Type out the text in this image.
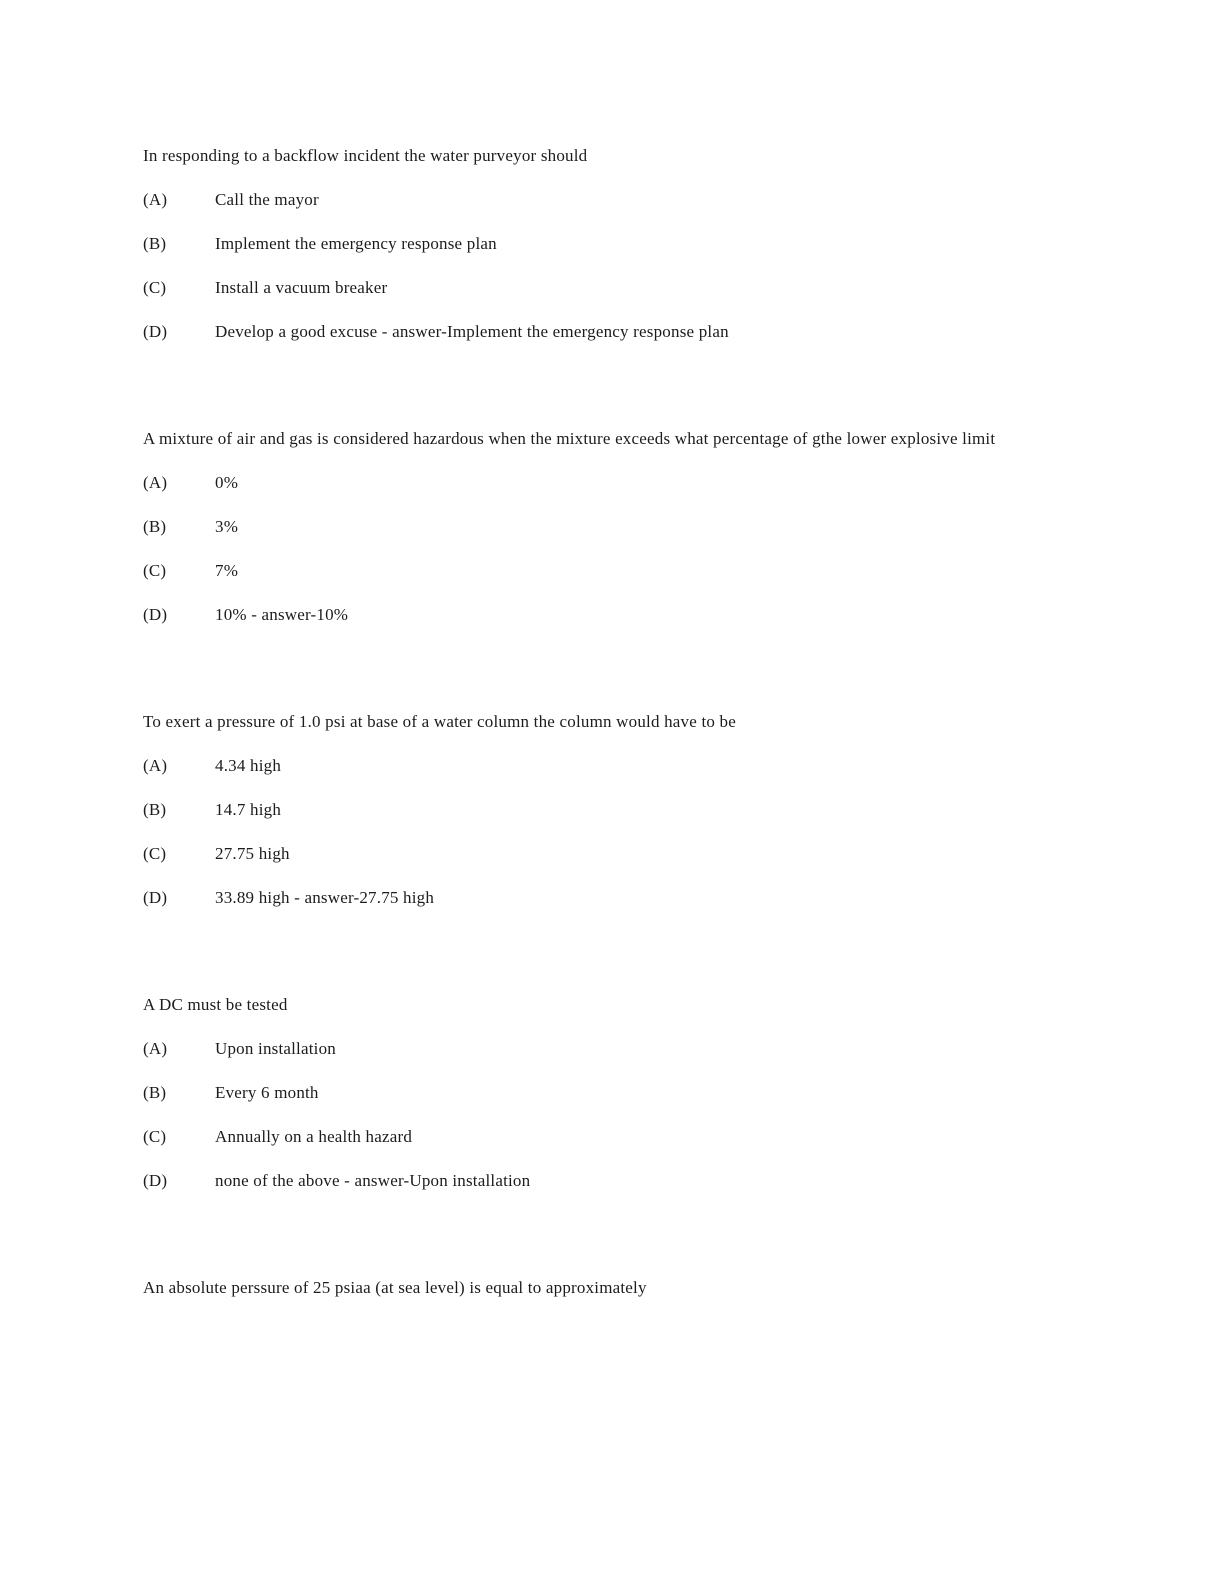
In responding to a backflow incident the water purveyor should

(A)	Call the mayor
(B)	Implement the emergency response plan
(C)	Install a vacuum breaker
(D)	Develop a good excuse - answer-Implement the emergency response plan

A mixture of air and gas is considered hazardous when the mixture exceeds what percentage of gthe lower explosive limit

(A)	0%
(B)	3%
(C)	7%
(D)	10% - answer-10%

To exert a pressure of 1.0 psi at base of a water column the column would have to be

(A)	4.34 high
(B)	14.7 high
(C)	27.75 high
(D)	33.89 high - answer-27.75 high

A DC must be tested

(A)	Upon installation
(B)	Every 6 month
(C)	Annually on a health hazard
(D)	none of the above - answer-Upon installation

An absolute perssure of 25 psiaa (at sea level) is equal to approximately
